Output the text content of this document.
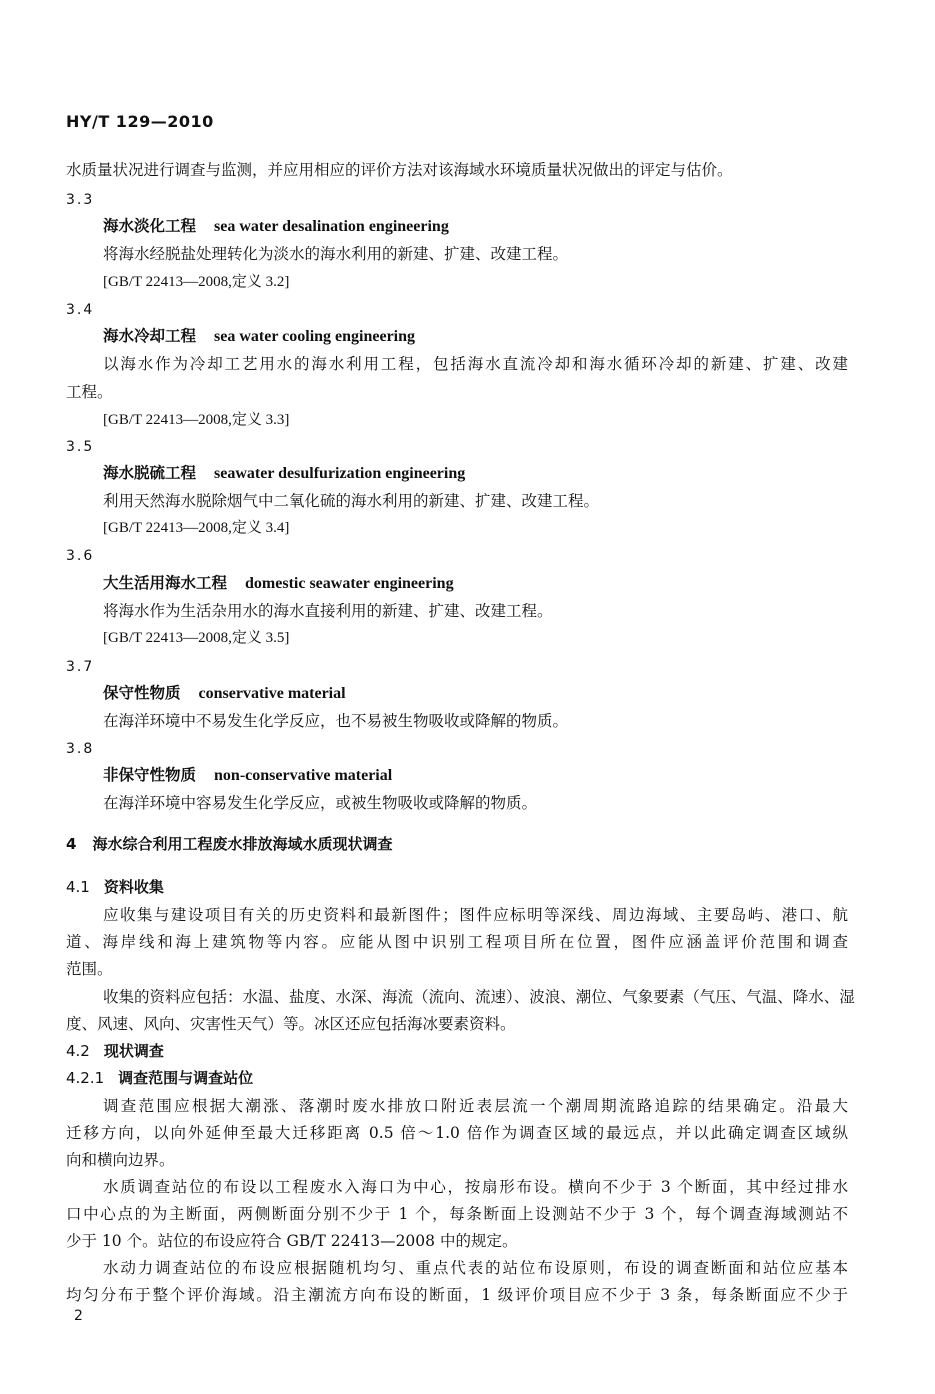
HY/T 129—2010
水质量状况进行调查与监测，并应用相应的评价方法对该海域水环境质量状况做出的评定与估价。
3.3
海水淡化工程 sea water desalination engineering
将海水经脱盐处理转化为淡水的海水利用的新建、扩建、改建工程。
[GB/T 22413—2008,定义 3.2]
3.4
海水冷却工程 sea water cooling engineering
以海水作为冷却工艺用水的海水利用工程，包括海水直流冷却和海水循环冷却的新建、扩建、改建
工程。
[GB/T 22413—2008,定义 3.3]
3.5
海水脱硫工程 seawater desulfurization engineering
利用天然海水脱除烟气中二氧化硫的海水利用的新建、扩建、改建工程。
[GB/T 22413—2008,定义 3.4]
3.6
大生活用海水工程 domestic seawater engineering
将海水作为生活杂用水的海水直接利用的新建、扩建、改建工程。
[GB/T 22413—2008,定义 3.5]
3.7
保守性物质 conservative material
在海洋环境中不易发生化学反应，也不易被生物吸收或降解的物质。
3.8
非保守性物质 non-conservative material
在海洋环境中容易发生化学反应，或被生物吸收或降解的物质。
4 海水综合利用工程废水排放海域水质现状调查
4.1 资料收集
应收集与建设项目有关的历史资料和最新图件；图件应标明等深线、周边海域、主要岛屿、港口、航
道、海岸线和海上建筑物等内容。应能从图中识别工程项目所在位置，图件应涵盖评价范围和调查
范围。
收集的资料应包括：水温、盐度、水深、海流（流向、流速）、波浪、潮位、气象要素（气压、气温、降水、湿
度、风速、风向、灾害性天气）等。冰区还应包括海冰要素资料。
4.2 现状调查
4.2.1 调查范围与调查站位
调查范围应根据大潮涨、落潮时废水排放口附近表层流一个潮周期流路追踪的结果确定。沿最大
迁移方向，以向外延伸至最大迁移距离 0.5 倍～1.0 倍作为调查区域的最远点，并以此确定调查区域纵
向和横向边界。
水质调查站位的布设以工程废水入海口为中心，按扇形布设。横向不少于 3 个断面，其中经过排水
口中心点的为主断面，两侧断面分别不少于 1 个，每条断面上设测站不少于 3 个，每个调查海域测站不
少于 10 个。站位的布设应符合 GB/T 22413—2008 中的规定。
水动力调查站位的布设应根据随机均匀、重点代表的站位布设原则，布设的调查断面和站位应基本
均匀分布于整个评价海域。沿主潮流方向布设的断面，1 级评价项目应不少于 3 条，每条断面应不少于
2
